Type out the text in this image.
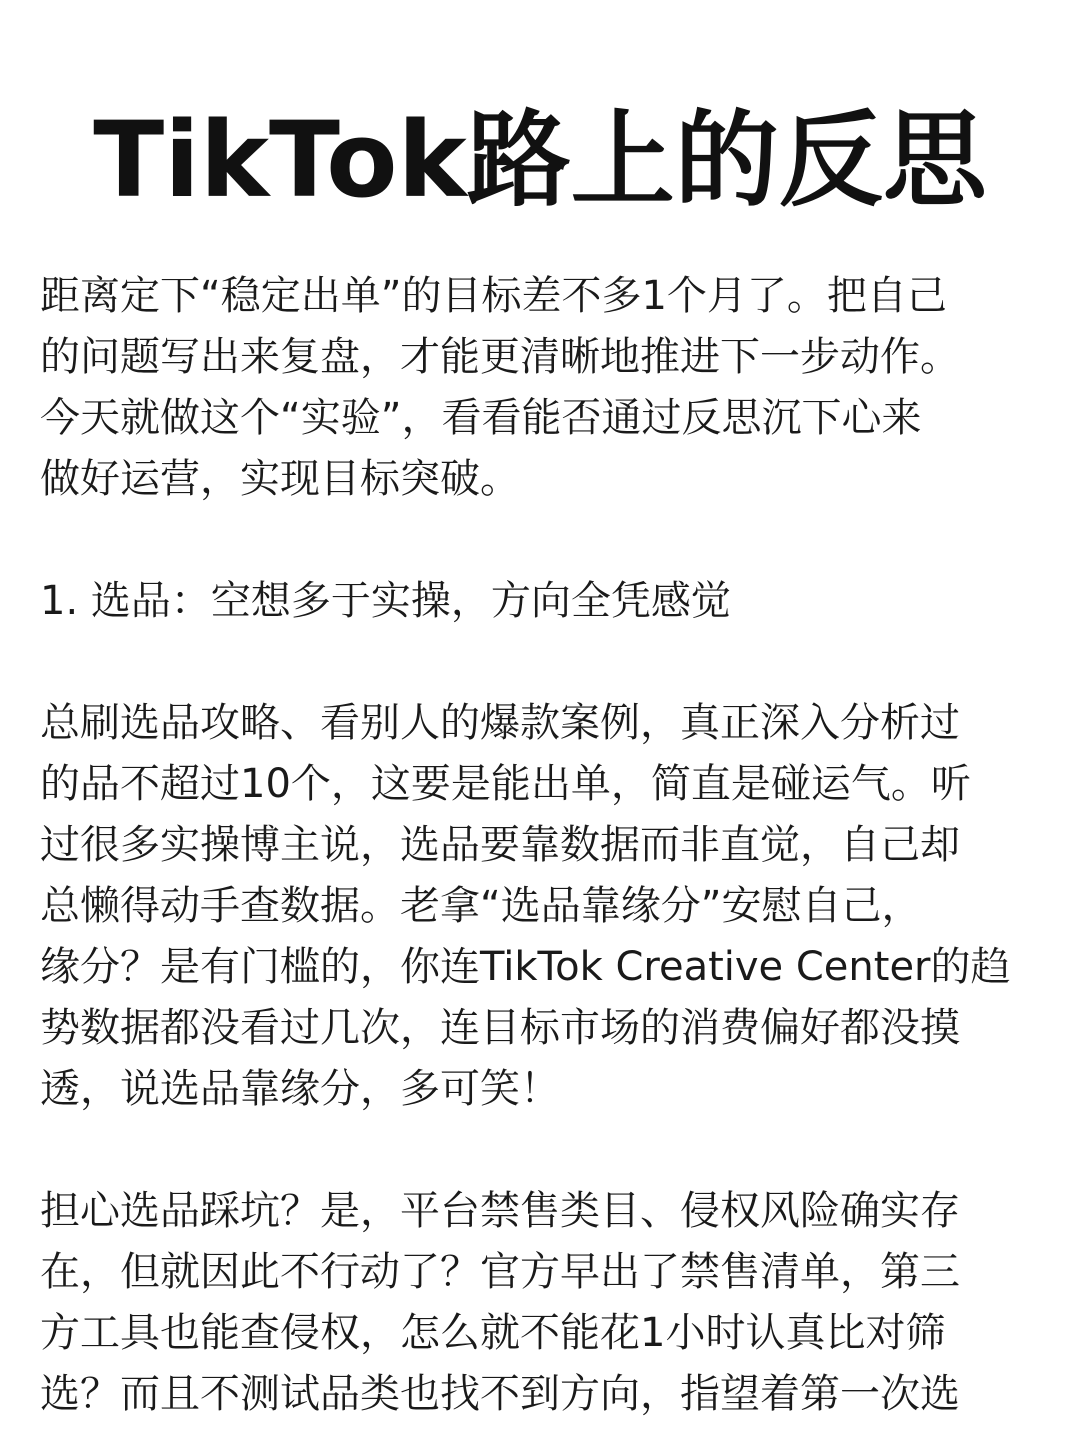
TikTok路上的反思

距离定下“稳定出单”的目标差不多1个月了。把自己
的问题写出来复盘，才能更清晰地推进下一步动作。
今天就做这个“实验”，看看能否通过反思沉下心来
做好运营，实现目标突破。

1. 选品：空想多于实操，方向全凭感觉

总刷选品攻略、看别人的爆款案例，真正深入分析过
的品不超过10个，这要是能出单，简直是碰运气。听
过很多实操博主说，选品要靠数据而非直觉，自己却
总懒得动手查数据。老拿“选品靠缘分”安慰自己，
缘分？是有门槛的，你连TikTok Creative Center的趋
势数据都没看过几次，连目标市场的消费偏好都没摸
透，说选品靠缘分，多可笑！

担心选品踩坑？是，平台禁售类目、侵权风险确实存
在，但就因此不行动了？官方早出了禁售清单，第三
方工具也能查侵权，怎么就不能花1小时认真比对筛
选？而且不测试品类也找不到方向，指望着第一次选
